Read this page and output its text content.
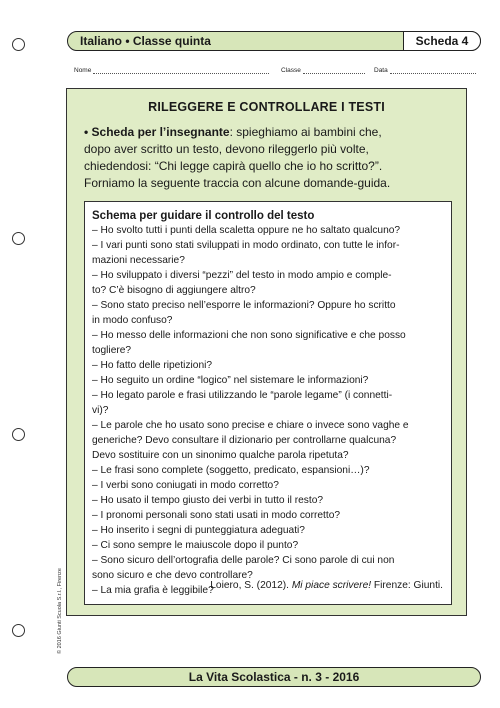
Italiano • Classe quinta	Scheda 4
Nome	Classe	Data
RILEGGERE E CONTROLLARE I TESTI
• Scheda per l’insegnante: spieghiamo ai bambini che,
dopo aver scritto un testo, devono rileggerlo più volte,
chiedendosi: “Chi legge capirà quello che io ho scritto?”.
Forniamo la seguente traccia con alcune domande-guida.
Schema per guidare il controllo del testo
– Ho svolto tutti i punti della scaletta oppure ne ho saltato qualcuno?
– I vari punti sono stati sviluppati in modo ordinato, con tutte le infor-
mazioni necessarie?
– Ho sviluppato i diversi “pezzi” del testo in modo ampio e comple-
to? C’è bisogno di aggiungere altro?
– Sono stato preciso nell’esporre le informazioni? Oppure ho scritto
in modo confuso?
– Ho messo delle informazioni che non sono significative e che posso
togliere?
– Ho fatto delle ripetizioni?
– Ho seguito un ordine “logico” nel sistemare le informazioni?
– Ho legato parole e frasi utilizzando le “parole legame” (i connetti-
vi)?
– Le parole che ho usato sono precise e chiare o invece sono vaghe e
generiche? Devo consultare il dizionario per controllarne qualcuna?
Devo sostituire con un sinonimo qualche parola ripetuta?
– Le frasi sono complete (soggetto, predicato, espansioni…)?
– I verbi sono coniugati in modo corretto?
– Ho usato il tempo giusto dei verbi in tutto il resto?
– I pronomi personali sono stati usati in modo corretto?
– Ho inserito i segni di punteggiatura adeguati?
– Ci sono sempre le maiuscole dopo il punto?
– Sono sicuro dell’ortografia delle parole? Ci sono parole di cui non
sono sicuro e che devo controllare?
– La mia grafia è leggibile?
Loiero, S. (2012). Mi piace scrivere! Firenze: Giunti.
© 2016 Giunti Scuola S.r.l., Firenze
La Vita Scolastica - n. 3 - 2016
